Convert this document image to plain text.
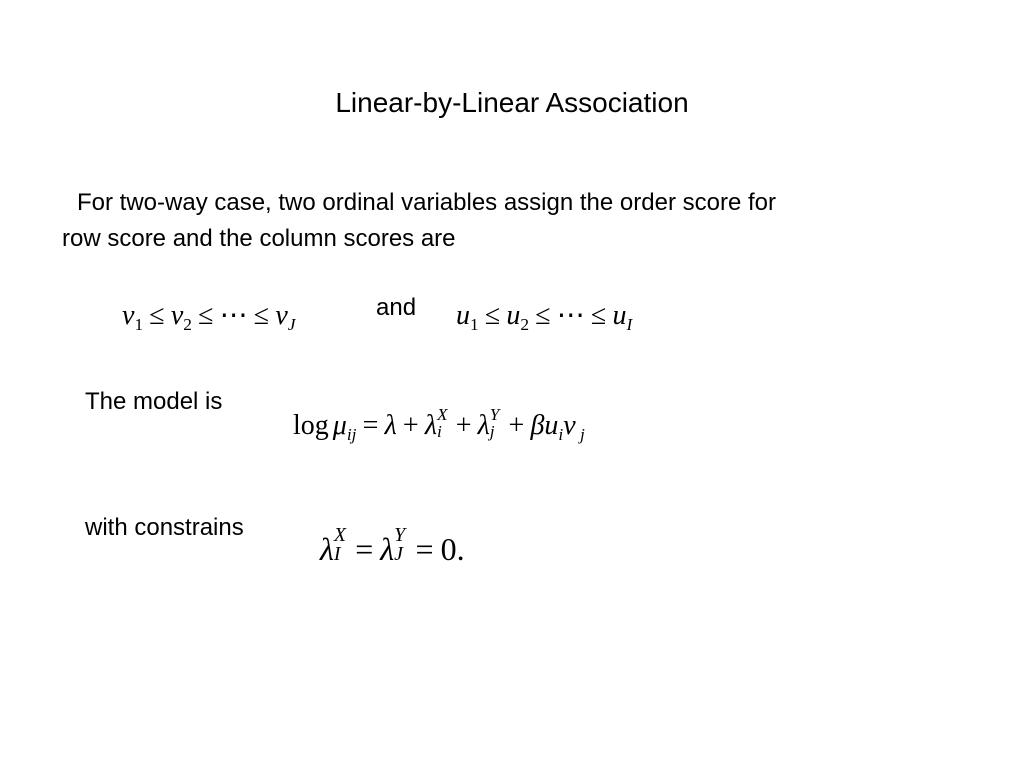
Linear-by-Linear Association
For two-way case, two ordinal variables assign the order score for
row score and the column scores are
$v_1 \le v_2$ ≤ ⋯ ≤ $v_J$
and $u_1 \le u_2$ ≤ ⋯ ≤ $u_I$
The model is
$\log \mu_{ij} = \lambda + \lambda$ X
i + λ Y
$j + \beta u_iv$ $_j$
with constrains
λ X
I = λ Y
J = 0.
